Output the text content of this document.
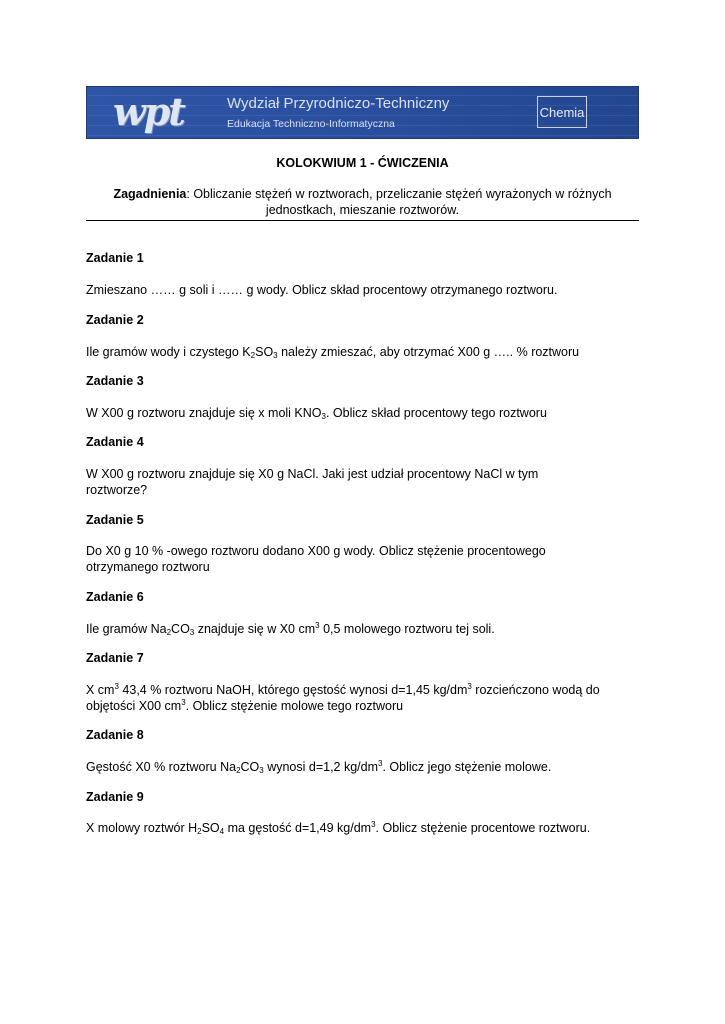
wpt	Wydział Przyrodniczo-Techniczny
Edukacja Techniczno-Informatyczna
Chemia
KOLOKWIUM 1 - ĆWICZENIA
Zagadnienia: Obliczanie stężeń w roztworach, przeliczanie stężeń wyrażonych w różnych jednostkach, mieszanie roztworów.
Zadanie 1
Zmieszano …… g soli i …… g wody. Oblicz skład procentowy otrzymanego roztworu.
Zadanie 2
Ile gramów wody i czystego $K_2SO_3$ należy zmieszać, aby otrzymać X00 g ….. % roztworu
Zadanie 3
W X00 g roztworu znajduje się x moli $KNO_3$. Oblicz skład procentowy tego roztworu
Zadanie 4
W X00 g roztworu znajduje się X0 g NaCl. Jaki jest udział procentowy NaCl w tym roztworze?
Zadanie 5
Do X0 g 10 % -owego roztworu dodano X00 g wody. Oblicz stężenie procentowego otrzymanego roztworu
Zadanie 6
Ile gramów $Na_2CO_3$ znajduje się w X0 $cm^3$ 0,5 molowego roztworu tej soli.
Zadanie 7
X $cm^3$ 43,4 % roztworu NaOH, którego gęstość wynosi d=1,45 $kg/dm^3$ rozcieńczono wodą do objętości X00 $cm^3$. Oblicz stężenie molowe tego roztworu
Zadanie 8
Gęstość X0 % roztworu $Na_2CO_3$ wynosi d=1,2 $kg/dm^3$. Oblicz jego stężenie molowe.
Zadanie 9
X molowy roztwór $H_2SO_4$ ma gęstość d=1,49 $kg/dm^3$. Oblicz stężenie procentowe roztworu.
